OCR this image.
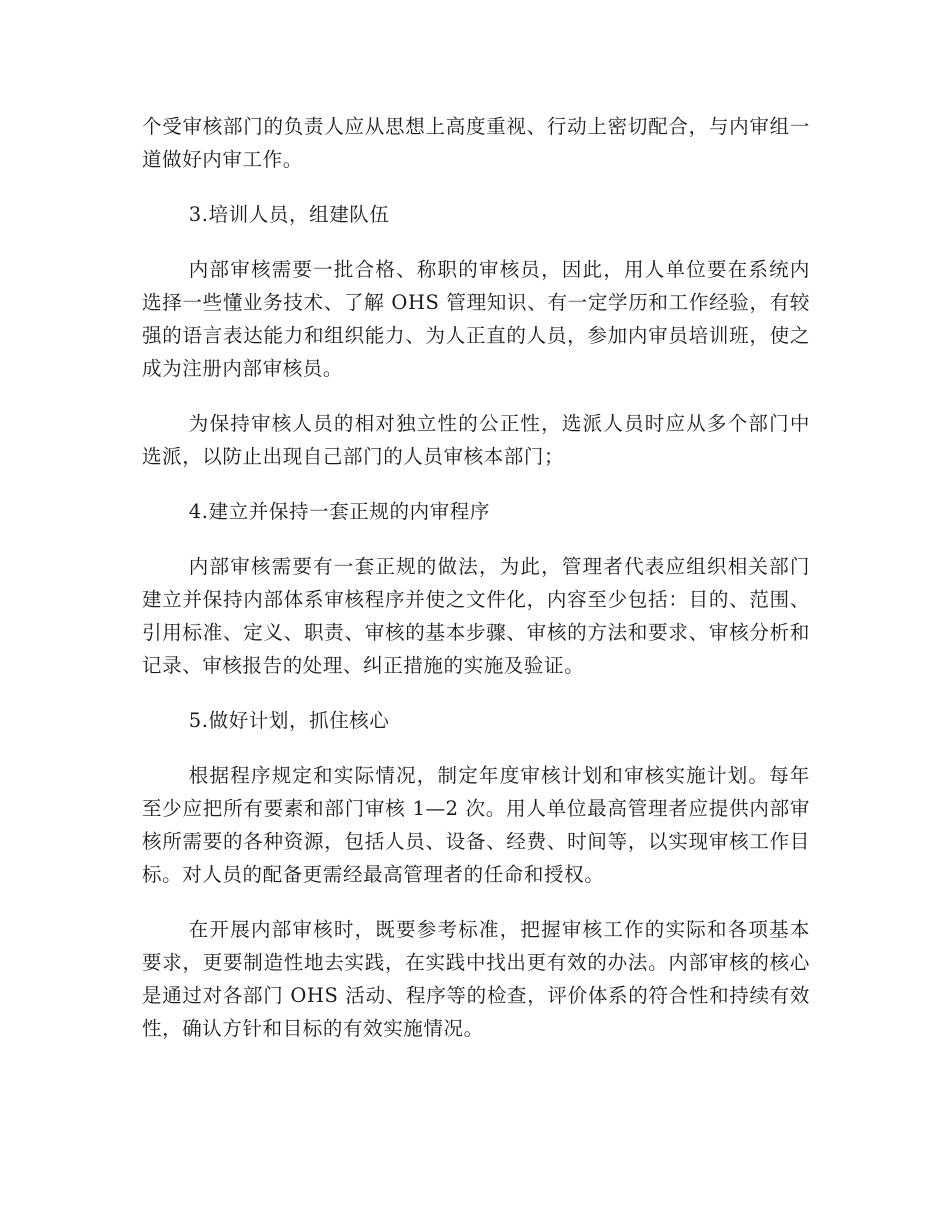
个受审核部门的负责人应从思想上高度重视、行动上密切配合，与内审组一道做好内审工作。

3.培训人员，组建队伍

内部审核需要一批合格、称职的审核员，因此，用人单位要在系统内选择一些懂业务技术、了解 OHS 管理知识、有一定学历和工作经验，有较强的语言表达能力和组织能力、为人正直的人员，参加内审员培训班，使之成为注册内部审核员。

为保持审核人员的相对独立性的公正性，选派人员时应从多个部门中选派，以防止出现自己部门的人员审核本部门；

4.建立并保持一套正规的内审程序

内部审核需要有一套正规的做法，为此，管理者代表应组织相关部门建立并保持内部体系审核程序并使之文件化，内容至少包括：目的、范围、引用标准、定义、职责、审核的基本步骤、审核的方法和要求、审核分析和记录、审核报告的处理、纠正措施的实施及验证。

5.做好计划，抓住核心

根据程序规定和实际情况，制定年度审核计划和审核实施计划。每年至少应把所有要素和部门审核 1—2 次。用人单位最高管理者应提供内部审核所需要的各种资源，包括人员、设备、经费、时间等，以实现审核工作目标。对人员的配备更需经最高管理者的任命和授权。

在开展内部审核时，既要参考标准，把握审核工作的实际和各项基本要求，更要制造性地去实践，在实践中找出更有效的办法。内部审核的核心是通过对各部门 OHS 活动、程序等的检查，评价体系的符合性和持续有效性，确认方针和目标的有效实施情况。
